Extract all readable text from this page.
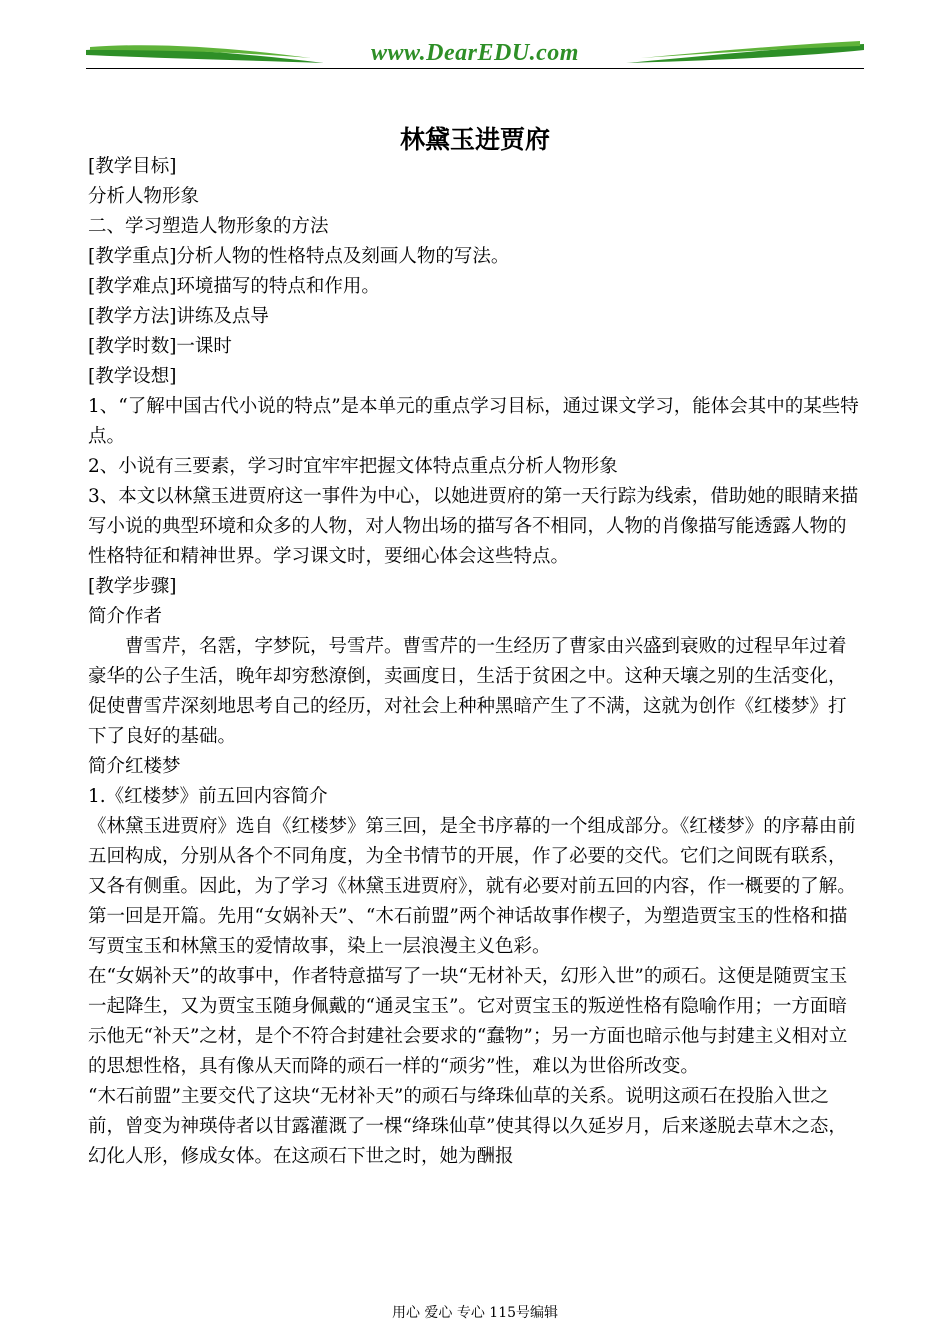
www.DearEDU.com
林黛玉进贾府

[教学目标]

分析人物形象

二、学习塑造人物形象的方法

[教学重点]分析人物的性格特点及刻画人物的写法。

[教学难点]环境描写的特点和作用。

[教学方法]讲练及点导

[教学时数]一课时

[教学设想]

1、“了解中国古代小说的特点”是本单元的重点学习目标，通过课文学习，能体会其中的某些特点。

2、小说有三要素，学习时宜牢牢把握文体特点重点分析人物形象

3、本文以林黛玉进贾府这一事件为中心，以她进贾府的第一天行踪为线索，借助她的眼睛来描写小说的典型环境和众多的人物，对人物出场的描写各不相同，人物的肖像描写能透露人物的性格特征和精神世界。学习课文时，要细心体会这些特点。

[教学步骤]

简介作者

曹雪芹，名霑，字梦阮，号雪芹。曹雪芹的一生经历了曹家由兴盛到衰败的过程早年过着豪华的公子生活，晚年却穷愁潦倒，卖画度日，生活于贫困之中。这种天壤之别的生活变化，促使曹雪芹深刻地思考自己的经历，对社会上种种黑暗产生了不满，这就为创作《红楼梦》打下了良好的基础。

简介红楼梦

1.《红楼梦》前五回内容简介

《林黛玉进贾府》选自《红楼梦》第三回，是全书序幕的一个组成部分。《红楼梦》的序幕由前五回构成，分别从各个不同角度，为全书情节的开展，作了必要的交代。它们之间既有联系，又各有侧重。因此，为了学习《林黛玉进贾府》，就有必要对前五回的内容，作一概要的了解。

第一回是开篇。先用“女娲补天”、“木石前盟”两个神话故事作楔子，为塑造贾宝玉的性格和描写贾宝玉和林黛玉的爱情故事，染上一层浪漫主义色彩。

在“女娲补天”的故事中，作者特意描写了一块“无材补天，幻形入世”的顽石。这便是随贾宝玉一起降生，又为贾宝玉随身佩戴的“通灵宝玉”。它对贾宝玉的叛逆性格有隐喻作用；一方面暗示他无“补天”之材，是个不符合封建社会要求的“蠢物”；另一方面也暗示他与封建主义相对立的思想性格，具有像从天而降的顽石一样的“顽劣”性，难以为世俗所改变。

“木石前盟”主要交代了这块“无材补天”的顽石与绛珠仙草的关系。说明这顽石在投胎入世之前，曾变为神瑛侍者以甘露灌溉了一棵“绛珠仙草”使其得以久延岁月，后来遂脱去草木之态，幻化人形，修成女体。在这顽石下世之时，她为酬报

用心 爱心 专心 115号编辑
